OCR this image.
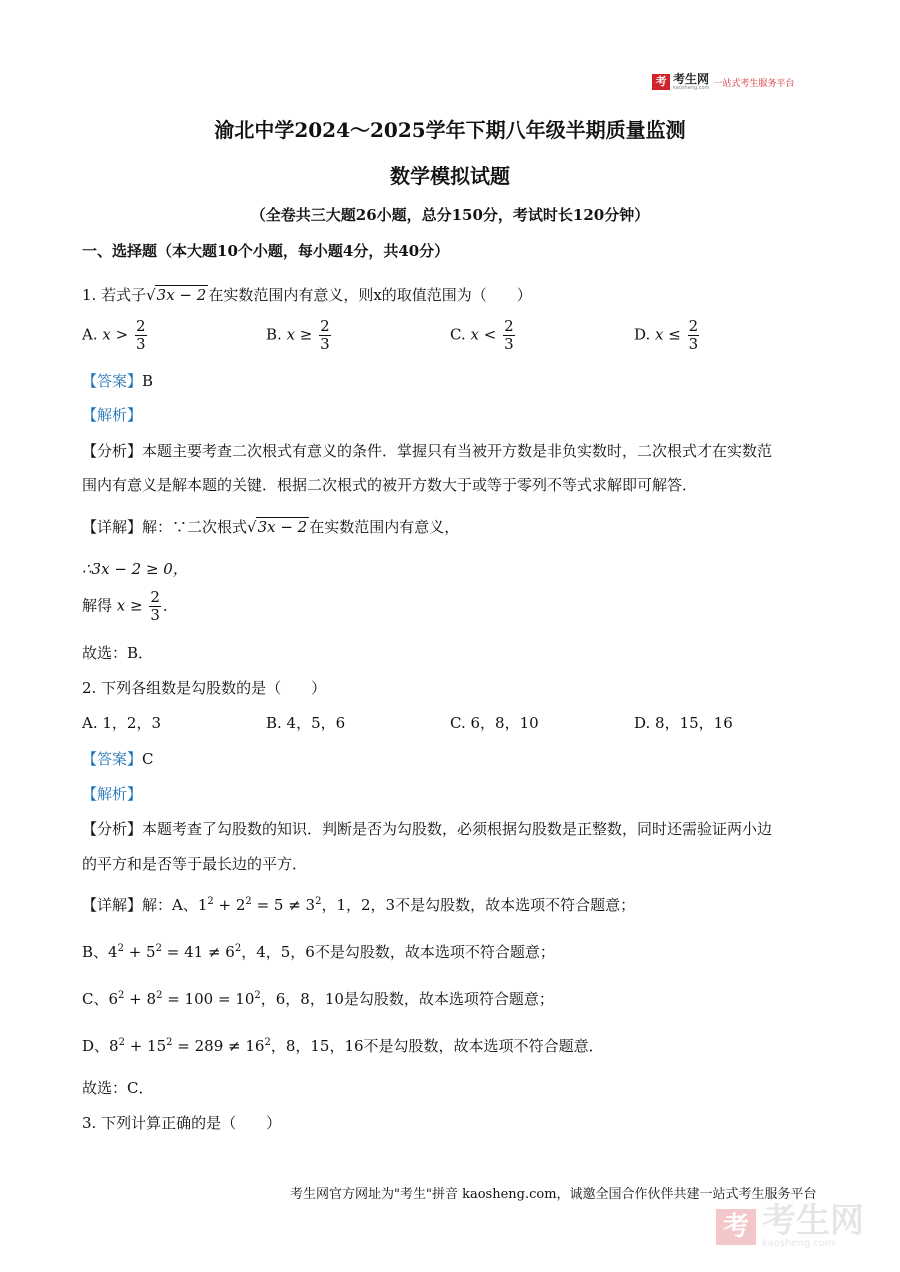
考 考生网
kaosheng.com 一站式考生服务平台
渝北中学2024～2025学年下期八年级半期质量监测
数学模拟试题
（全卷共三大题26小题，总分150分，考试时长120分钟）
一、选择题（本大题10个小题，每小题4分，共40分）
1. 若式子√3x − 2 在实数范围内有意义，则x的取值范围为（　　）
A. $x > \frac{2}{3}$	B. $x \ge \frac{2}{3}$	C. $x < \frac{2}{3}$	D. $x \le \frac{2}{3}$
【答案】B
【解析】
【分析】本题主要考查二次根式有意义的条件．掌握只有当被开方数是非负实数时，二次根式才在实数范
围内有意义是解本题的关键．根据二次根式的被开方数大于或等于零列不等式求解即可解答．
【详解】解：∵二次根式√3x − 2 在实数范围内有意义，
∴3x − 2 ≥ 0，
解得 $x \ge \frac{2}{3}$ ．
故选：B．
2. 下列各组数是勾股数的是（　　）
A. 1，2，3	B. 4，5，6	C. 6，8，10	D. 8，15，16
【答案】C
【解析】
【分析】本题考查了勾股数的知识．判断是否为勾股数，必须根据勾股数是正整数，同时还需验证两小边
的平方和是否等于最长边的平方．
【详解】解：A、$1^2 + 2^2 = 5 \ne 3^2$，1，2，3不是勾股数，故本选项不符合题意；
B、$4^2 + 5^2 = 41 \ne 6^2$，4，5，6不是勾股数，故本选项不符合题意；
C、$6^2 + 8^2 = 100 = 10^2$，6，8，10是勾股数，故本选项符合题意；
D、$8^2 + 15^2 = 289 \ne 16^2$，8，15，16不是勾股数，故本选项不符合题意．
故选：C．
3. 下列计算正确的是（　　）
考生网官方网址为"考生"拼音 kaosheng.com，诚邀全国合作伙伴共建一站式考生服务平台
考 考生网
kaosheng.com
